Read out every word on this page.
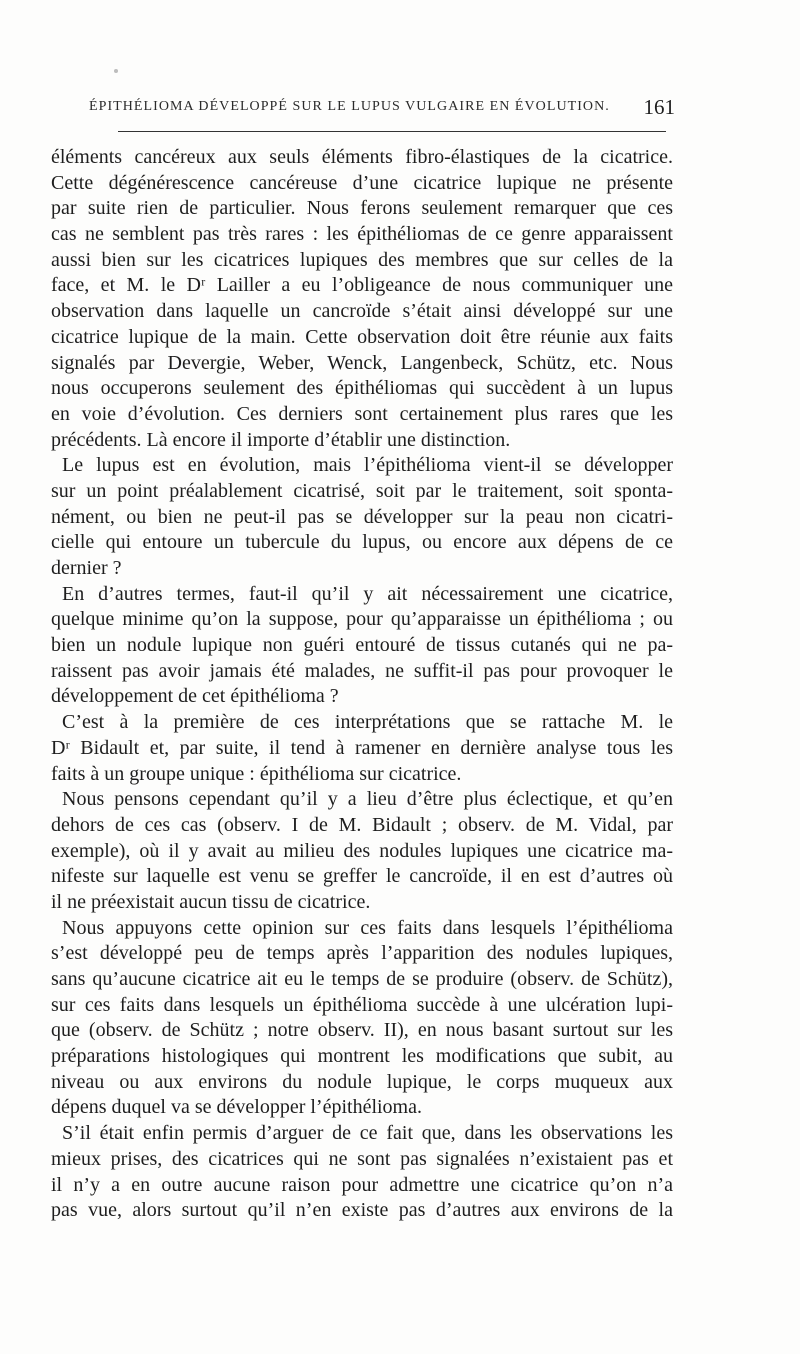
ÉPITHÉLIOMA DÉVELOPPÉ SUR LE LUPUS VULGAIRE EN ÉVOLUTION. 161
éléments cancéreux aux seuls éléments fibro-élastiques de la cicatrice.
Cette dégénérescence cancéreuse d’une cicatrice lupique ne présente
par suite rien de particulier. Nous ferons seulement remarquer que ces
cas ne semblent pas très rares : les épithéliomas de ce genre apparaissent
aussi bien sur les cicatrices lupiques des membres que sur celles de la
face, et M. le Dʳ Lailler a eu l’obligeance de nous communiquer une
observation dans laquelle un cancroïde s’était ainsi développé sur une
cicatrice lupique de la main. Cette observation doit être réunie aux faits
signalés par Devergie, Weber, Wenck, Langenbeck, Schütz, etc. Nous
nous occuperons seulement des épithéliomas qui succèdent à un lupus
en voie d’évolution. Ces derniers sont certainement plus rares que les
précédents. Là encore il importe d’établir une distinction.
Le lupus est en évolution, mais l’épithélioma vient-il se développer
sur un point préalablement cicatrisé, soit par le traitement, soit sponta-
nément, ou bien ne peut-il pas se développer sur la peau non cicatri-
cielle qui entoure un tubercule du lupus, ou encore aux dépens de ce
dernier ?
En d’autres termes, faut-il qu’il y ait nécessairement une cicatrice,
quelque minime qu’on la suppose, pour qu’apparaisse un épithélioma ; ou
bien un nodule lupique non guéri entouré de tissus cutanés qui ne pa-
raissent pas avoir jamais été malades, ne suffit-il pas pour provoquer le
développement de cet épithélioma ?
C’est à la première de ces interprétations que se rattache M. le
Dʳ Bidault et, par suite, il tend à ramener en dernière analyse tous les
faits à un groupe unique : épithélioma sur cicatrice.
Nous pensons cependant qu’il y a lieu d’être plus éclectique, et qu’en
dehors de ces cas (observ. I de M. Bidault ; observ. de M. Vidal, par
exemple), où il y avait au milieu des nodules lupiques une cicatrice ma-
nifeste sur laquelle est venu se greffer le cancroïde, il en est d’autres où
il ne préexistait aucun tissu de cicatrice.
Nous appuyons cette opinion sur ces faits dans lesquels l’épithélioma
s’est développé peu de temps après l’apparition des nodules lupiques,
sans qu’aucune cicatrice ait eu le temps de se produire (observ. de Schütz),
sur ces faits dans lesquels un épithélioma succède à une ulcération lupi-
que (observ. de Schütz ; notre observ. II), en nous basant surtout sur les
préparations histologiques qui montrent les modifications que subit, au
niveau ou aux environs du nodule lupique, le corps muqueux aux
dépens duquel va se développer l’épithélioma.
S’il était enfin permis d’arguer de ce fait que, dans les observations les
mieux prises, des cicatrices qui ne sont pas signalées n’existaient pas et
il n’y a en outre aucune raison pour admettre une cicatrice qu’on n’a
pas vue, alors surtout qu’il n’en existe pas d’autres aux environs de la
